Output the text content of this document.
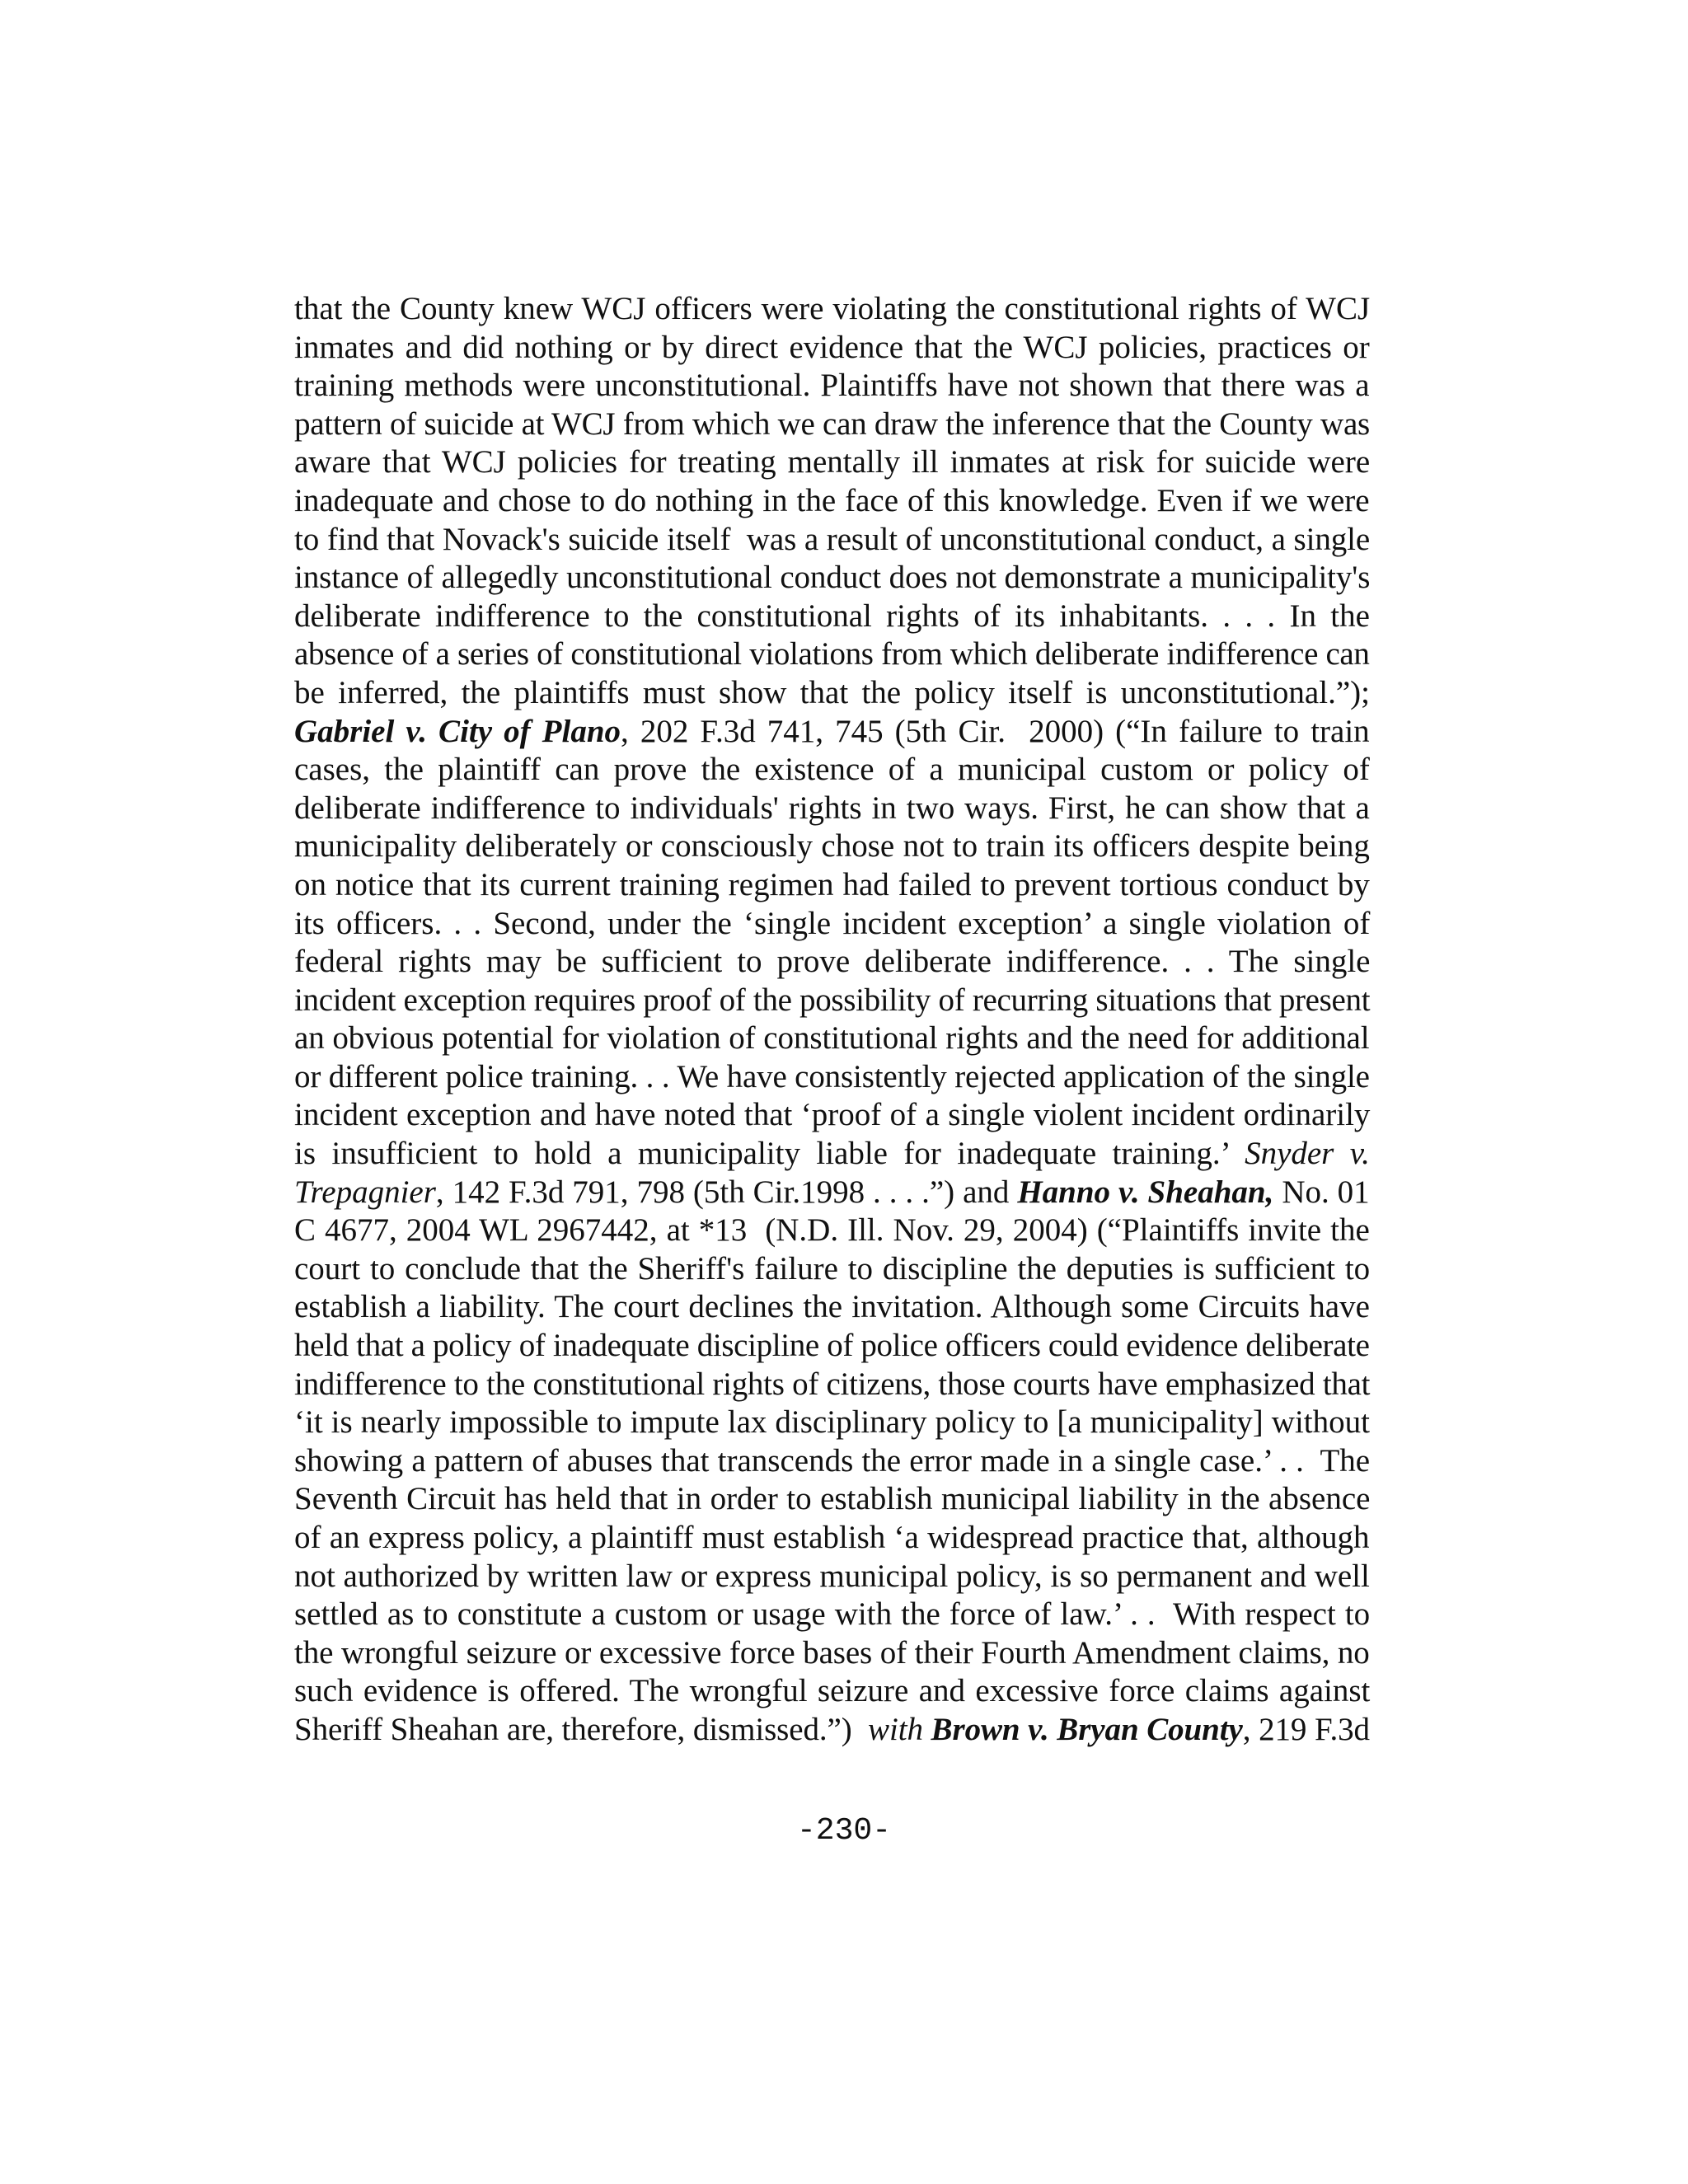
that the County knew WCJ officers were violating the constitutional rights of WCJ
inmates and did nothing or by direct evidence that the WCJ policies, practices or
training methods were unconstitutional. Plaintiffs have not shown that there was a
pattern of suicide at WCJ from which we can draw the inference that the County was
aware that WCJ policies for treating mentally ill inmates at risk for suicide were
inadequate and chose to do nothing in the face of this knowledge. Even if we were
to find that Novack's suicide itself  was a result of unconstitutional conduct, a single
instance of allegedly unconstitutional conduct does not demonstrate a municipality's
deliberate indifference to the constitutional rights of its inhabitants. . . . In the
absence of a series of constitutional violations from which deliberate indifference can
be inferred, the plaintiffs must show that the policy itself is unconstitutional.”);
Gabriel v. City of Plano, 202 F.3d 741, 745 (5th Cir.  2000) (“In failure to train
cases, the plaintiff can prove the existence of a municipal custom or policy of
deliberate indifference to individuals' rights in two ways. First, he can show that a
municipality deliberately or consciously chose not to train its officers despite being
on notice that its current training regimen had failed to prevent tortious conduct by
its officers. . . Second, under the ‘single incident exception’ a single violation of
federal rights may be sufficient to prove deliberate indifference. . . The single
incident exception requires proof of the possibility of recurring situations that present
an obvious potential for violation of constitutional rights and the need for additional
or different police training. . . We have consistently rejected application of the single
incident exception and have noted that ‘proof of a single violent incident ordinarily
is insufficient to hold a municipality liable for inadequate training.’ Snyder v.
Trepagnier, 142 F.3d 791, 798 (5th Cir.1998 . . . .”) and Hanno v. Sheahan, No. 01
C 4677, 2004 WL 2967442, at *13  (N.D. Ill. Nov. 29, 2004) (“Plaintiffs invite the
court to conclude that the Sheriff's failure to discipline the deputies is sufficient to
establish a liability. The court declines the invitation. Although some Circuits have
held that a policy of inadequate discipline of police officers could evidence deliberate
indifference to the constitutional rights of citizens, those courts have emphasized that
‘it is nearly impossible to impute lax disciplinary policy to [a municipality] without
showing a pattern of abuses that transcends the error made in a single case.’ . .  The
Seventh Circuit has held that in order to establish municipal liability in the absence
of an express policy, a plaintiff must establish ‘a widespread practice that, although
not authorized by written law or express municipal policy, is so permanent and well
settled as to constitute a custom or usage with the force of law.’ . .  With respect to
the wrongful seizure or excessive force bases of their Fourth Amendment claims, no
such evidence is offered. The wrongful seizure and excessive force claims against
Sheriff Sheahan are, therefore, dismissed.”)  with Brown v. Bryan County, 219 F.3d
-230-
